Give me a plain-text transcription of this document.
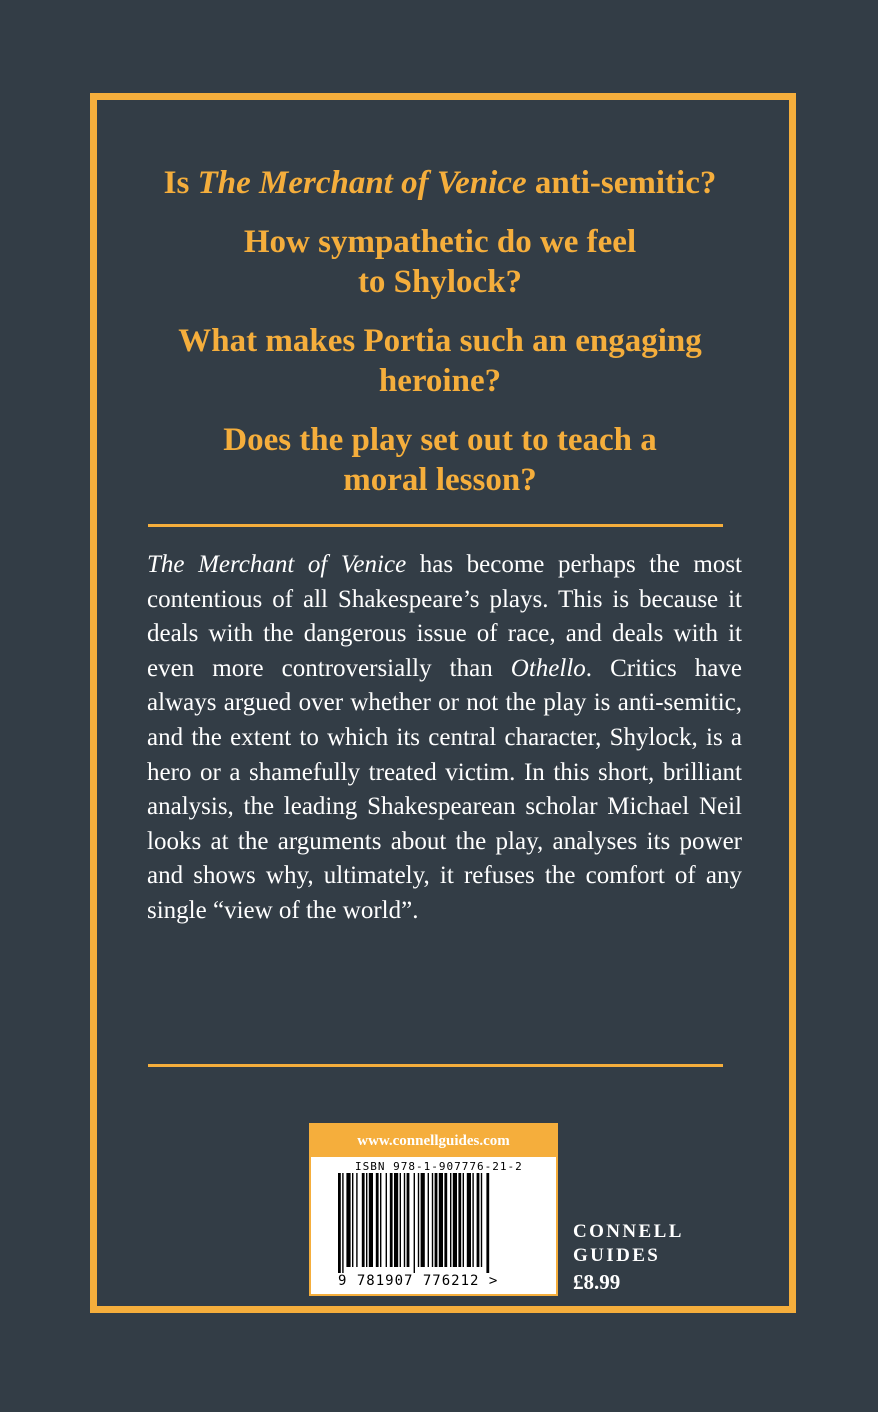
Is The Merchant of Venice anti-semitic?

How sympathetic do we feel
to Shylock?

What makes Portia such an engaging
heroine?

Does the play set out to teach a
moral lesson?

The Merchant of Venice has become perhaps the most contentious of all Shakespeare’s plays. This is because it deals with the dangerous issue of race, and deals with it even more controversially than Othello. Critics have always argued over whether or not the play is anti-semitic, and the extent to which its central character, Shylock, is a hero or a shamefully treated victim. In this short, brilliant analysis, the leading Shakespearean scholar Michael Neil looks at the arguments about the play, analyses its power and shows why, ultimately, it refuses the comfort of any single “view of the world”.

www.connellguides.com
ISBN 978-1-907776-21-2
9 781907 776212 >
CONNELL
GUIDES
£8.99
